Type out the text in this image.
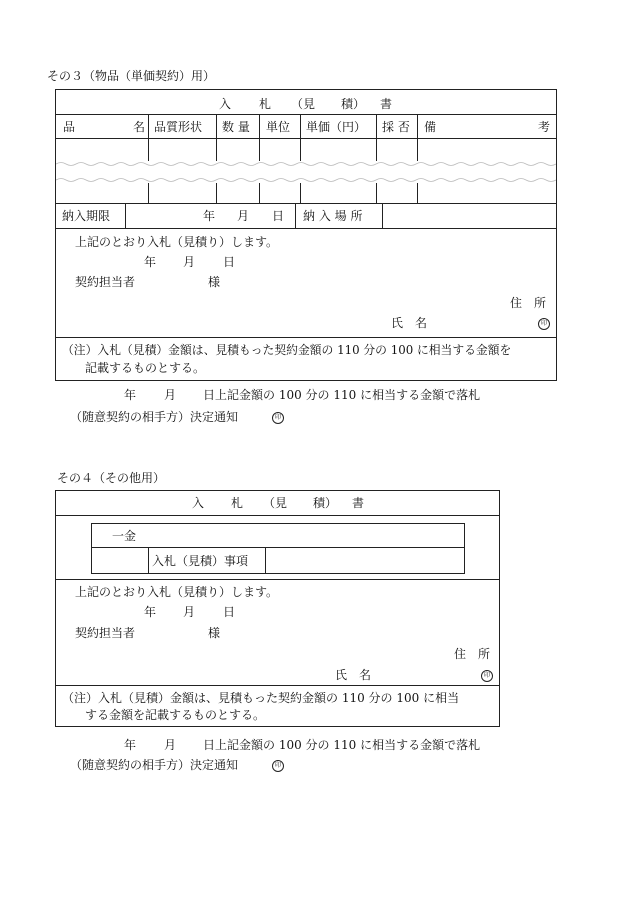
その３（物品（単価契約）用）
入 札 （見 積） 書
品	名 品質形状 数 量 単位 単価（円） 採 否 備	考
納入期限	年 月 日 納 入 場 所
上記のとおり入札（見積り）します。
年 月 日
契約担当者	様
住　所
氏　名	印
（注）入札（見積）金額は、見積もった契約金額の 110 分の 100 に相当する金額を
記載するものとする。
年 月 日上記金額の 100 分の 110 に相当する金額で落札
（随意契約の相手方）決定通知	印
その４（その他用）
入 札 （見 積） 書
一金
入札（見積）事項
上記のとおり入札（見積り）します。
年 月 日
契約担当者	様
住　所
氏　名	印
（注）入札（見積）金額は、見積もった契約金額の 110 分の 100 に相当
する金額を記載するものとする。
年 月 日上記金額の 100 分の 110 に相当する金額で落札
（随意契約の相手方）決定通知	印
